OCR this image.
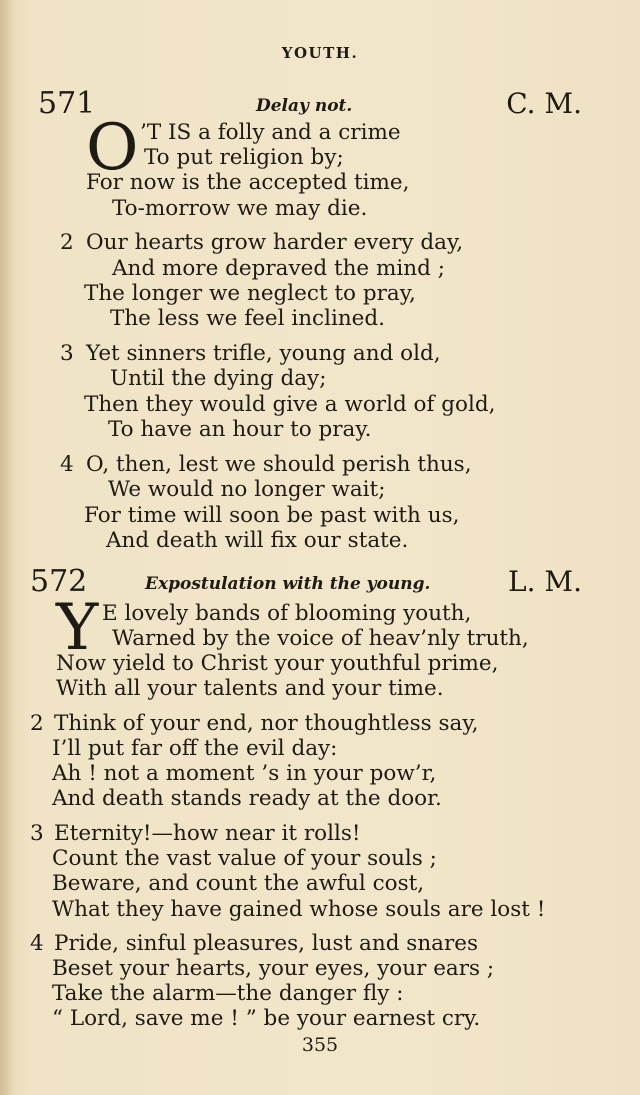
YOUTH.
571	Delay not.	C. M.
O ’T IS a folly and a crime
To put religion by;
For now is the accepted time,
To-morrow we may die.
2 Our hearts grow harder every day,
And more depraved the mind ;
The longer we neglect to pray,
The less we feel inclined.
3 Yet sinners trifle, young and old,
Until the dying day;
Then they would give a world of gold,
To have an hour to pray.
4 O, then, lest we should perish thus,
We would no longer wait;
For time will soon be past with us,
And death will fix our state.
572	Expostulation with the young.	L. M.
Y E lovely bands of blooming youth,
Warned by the voice of heav’nly truth,
Now yield to Christ your youthful prime,
With all your talents and your time.
2 Think of your end, nor thoughtless say,
I’ll put far off the evil day:
Ah ! not a moment ’s in your pow’r,
And death stands ready at the door.
3 Eternity!—how near it rolls!
Count the vast value of your souls ;
Beware, and count the awful cost,
What they have gained whose souls are lost !
4 Pride, sinful pleasures, lust and snares
Beset your hearts, your eyes, your ears ;
Take the alarm—the danger fly :
“ Lord, save me ! ” be your earnest cry.
355
